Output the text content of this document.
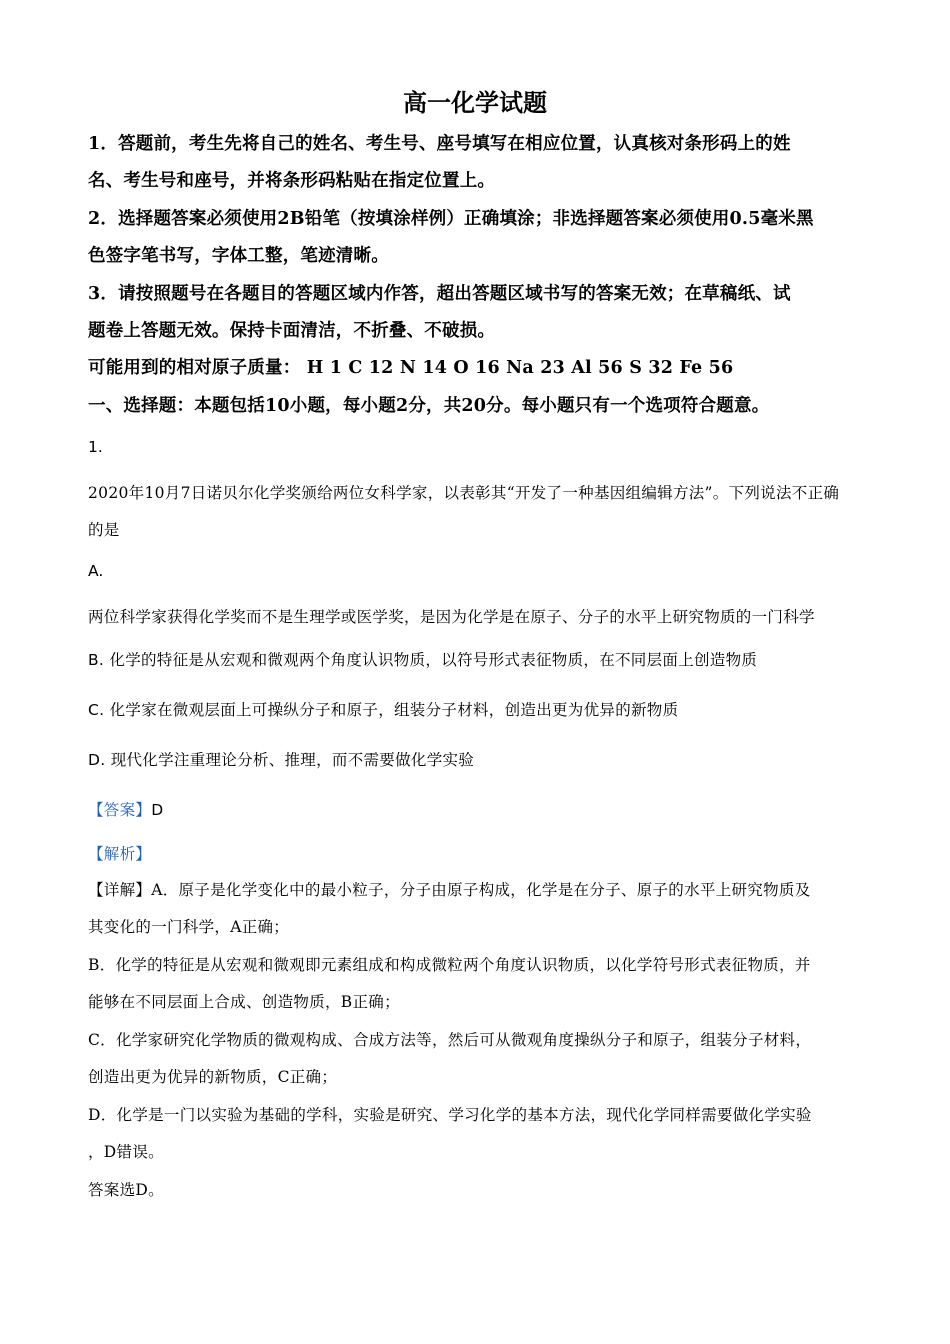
高一化学试题
1．答题前，考生先将自己的姓名、考生号、座号填写在相应位置，认真核对条形码上的姓
名、考生号和座号，并将条形码粘贴在指定位置上。
2．选择题答案必须使用2B铅笔（按填涂样例）正确填涂；非选择题答案必须使用0.5毫米黑
色签字笔书写，字体工整，笔迹清晰。
3．请按照题号在各题目的答题区域内作答，超出答题区域书写的答案无效；在草稿纸、试
题卷上答题无效。保持卡面清洁，不折叠、不破损。
可能用到的相对原子质量： H 1 C 12 N 14 O 16 Na 23 Al 56 S 32 Fe 56
一、选择题：本题包括10小题，每小题2分，共20分。每小题只有一个选项符合题意。
1.
2020年10月7日诺贝尔化学奖颁给两位女科学家，以表彰其“开发了一种基因组编辑方法”。下列说法不正确
的是
A.
两位科学家获得化学奖而不是生理学或医学奖，是因为化学是在原子、分子的水平上研究物质的一门科学
B. 化学的特征是从宏观和微观两个角度认识物质，以符号形式表征物质，在不同层面上创造物质
C. 化学家在微观层面上可操纵分子和原子，组装分子材料，创造出更为优异的新物质
D. 现代化学注重理论分析、推理，而不需要做化学实验
【答案】D
【解析】
【详解】A．原子是化学变化中的最小粒子，分子由原子构成，化学是在分子、原子的水平上研究物质及
其变化的一门科学，A正确；
B．化学的特征是从宏观和微观即元素组成和构成微粒两个角度认识物质，以化学符号形式表征物质，并
能够在不同层面上合成、创造物质，B正确；
C．化学家研究化学物质的微观构成、合成方法等，然后可从微观角度操纵分子和原子，组装分子材料，
创造出更为优异的新物质，C正确；
D．化学是一门以实验为基础的学科，实验是研究、学习化学的基本方法，现代化学同样需要做化学实验
，D错误。
答案选D。
